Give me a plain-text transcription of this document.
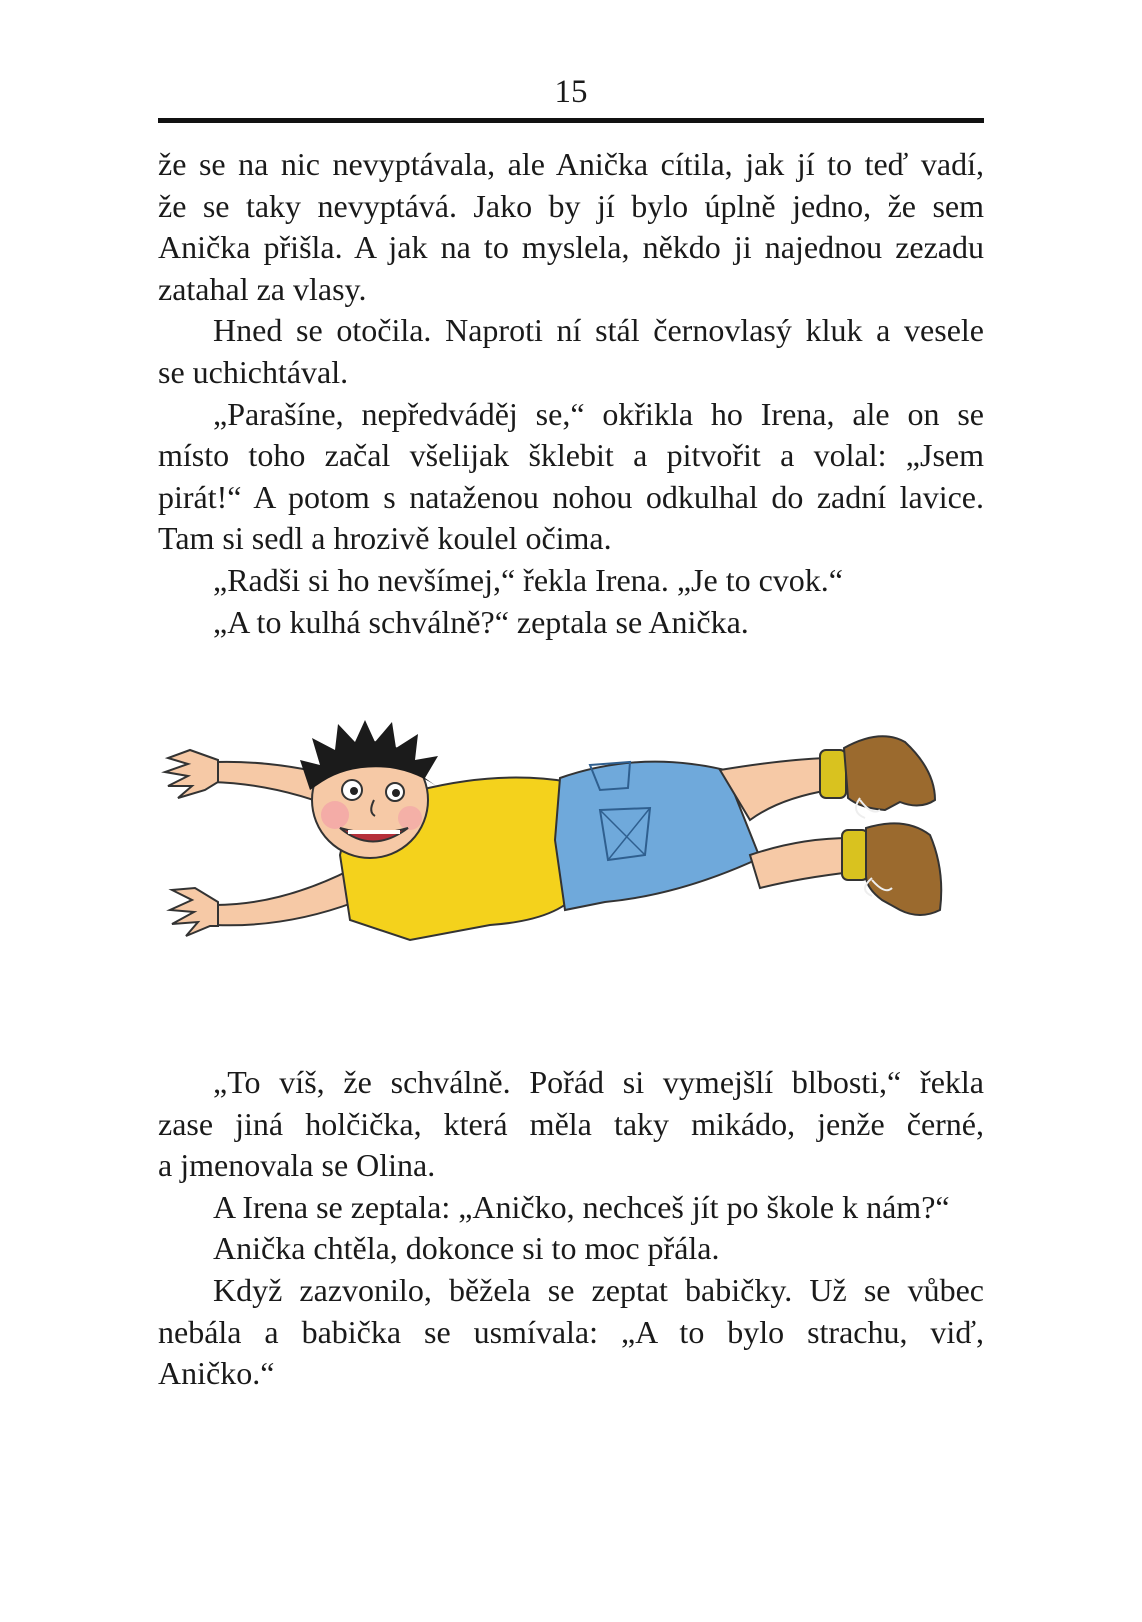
15

že se na nic nevyptávala, ale Anička cítila, jak jí to teď vadí,

že se taky nevyptává. Jako by jí bylo úplně jedno, že sem

Anička přišla. A jak na to myslela, někdo ji najednou zezadu

zatahal za vlasy.

Hned se otočila. Naproti ní stál černovlasý kluk a vesele

se uchichtával.

„Parašíne, nepředváděj se,“ okřikla ho Irena, ale on se

místo toho začal všelijak šklebit a pitvořit a volal: „Jsem

pirát!“ A potom s nataženou nohou odkulhal do zadní lavice.

Tam si sedl a hrozivě koulel očima.

„Radši si ho nevšímej,“ řekla Irena. „Je to cvok.“

„A to kulhá schválně?“ zeptala se Anička.

„To víš, že schválně. Pořád si vymejšlí blbosti,“ řekla

zase jiná holčička, která měla taky mikádo, jenže černé,

a jmenovala se Olina.

A Irena se zeptala: „Aničko, nechceš jít po škole k nám?“

Anička chtěla, dokonce si to moc přála.

Když zazvonilo, běžela se zeptat babičky. Už se vůbec

nebála a babička se usmívala: „A to bylo strachu, viď,

Aničko.“
